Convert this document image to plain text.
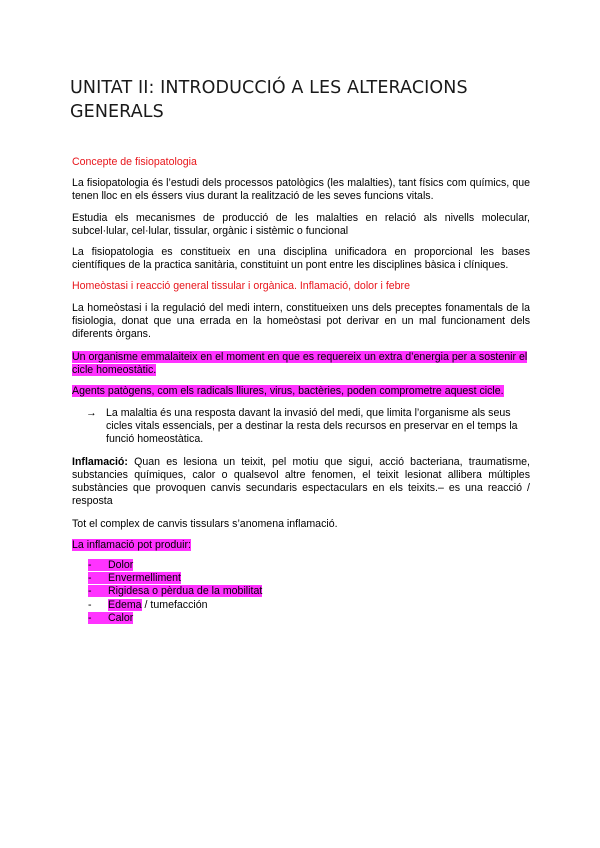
UNITAT II: INTRODUCCIÓ A LES ALTERACIONS GENERALS
Concepte de fisiopatologia
La fisiopatologia és l’estudi dels processos patològics (les malalties), tant físics com químics, que tenen lloc en els éssers vius durant la realització de les seves funcions vitals.
Estudia els mecanismes de producció de les malalties en relació als nivells molecular, subcel·lular, cel·lular, tissular, orgànic i sistèmic o funcional
La fisiopatologia es constitueix en una disciplina unificadora en proporcional les bases científiques de la practica sanitària, constituint un pont entre les disciplines bàsica i clíniques.
Homeòstasi i reacció general tissular i orgànica. Inflamació, dolor i febre
La homeòstasi i la regulació del medi intern, constitueixen uns dels preceptes fonamentals de la fisiologia, donat que una errada en la homeòstasi pot derivar en un mal funcionament dels diferents òrgans.
Un organisme emmalaiteix en el moment en que es requereix un extra d’energia per a sostenir el cicle homeostàtic.
Agents patògens, com els radicals lliures, virus, bactèries, poden comprometre aquest cicle.
→ La malaltia és una resposta davant la invasió del medi, que limita l’organisme als seus cicles vitals essencials, per a destinar la resta dels recursos en preservar en el temps la funció homeostàtica.
Inflamació: Quan es lesiona un teixit, pel motiu que sigui, acció bacteriana, traumatisme, substancies químiques, calor o qualsevol altre fenomen, el teixit lesionat allibera múltiples substàncies que provoquen canvis secundaris espectaculars en els teixits.– es una reacció / resposta
Tot el complex de canvis tissulars s’anomena inflamació.
La inflamació pot produir:
- Dolor
- Envermelliment
- Rigidesa o pèrdua de la mobilitat
- Edema / tumefacción
- Calor
